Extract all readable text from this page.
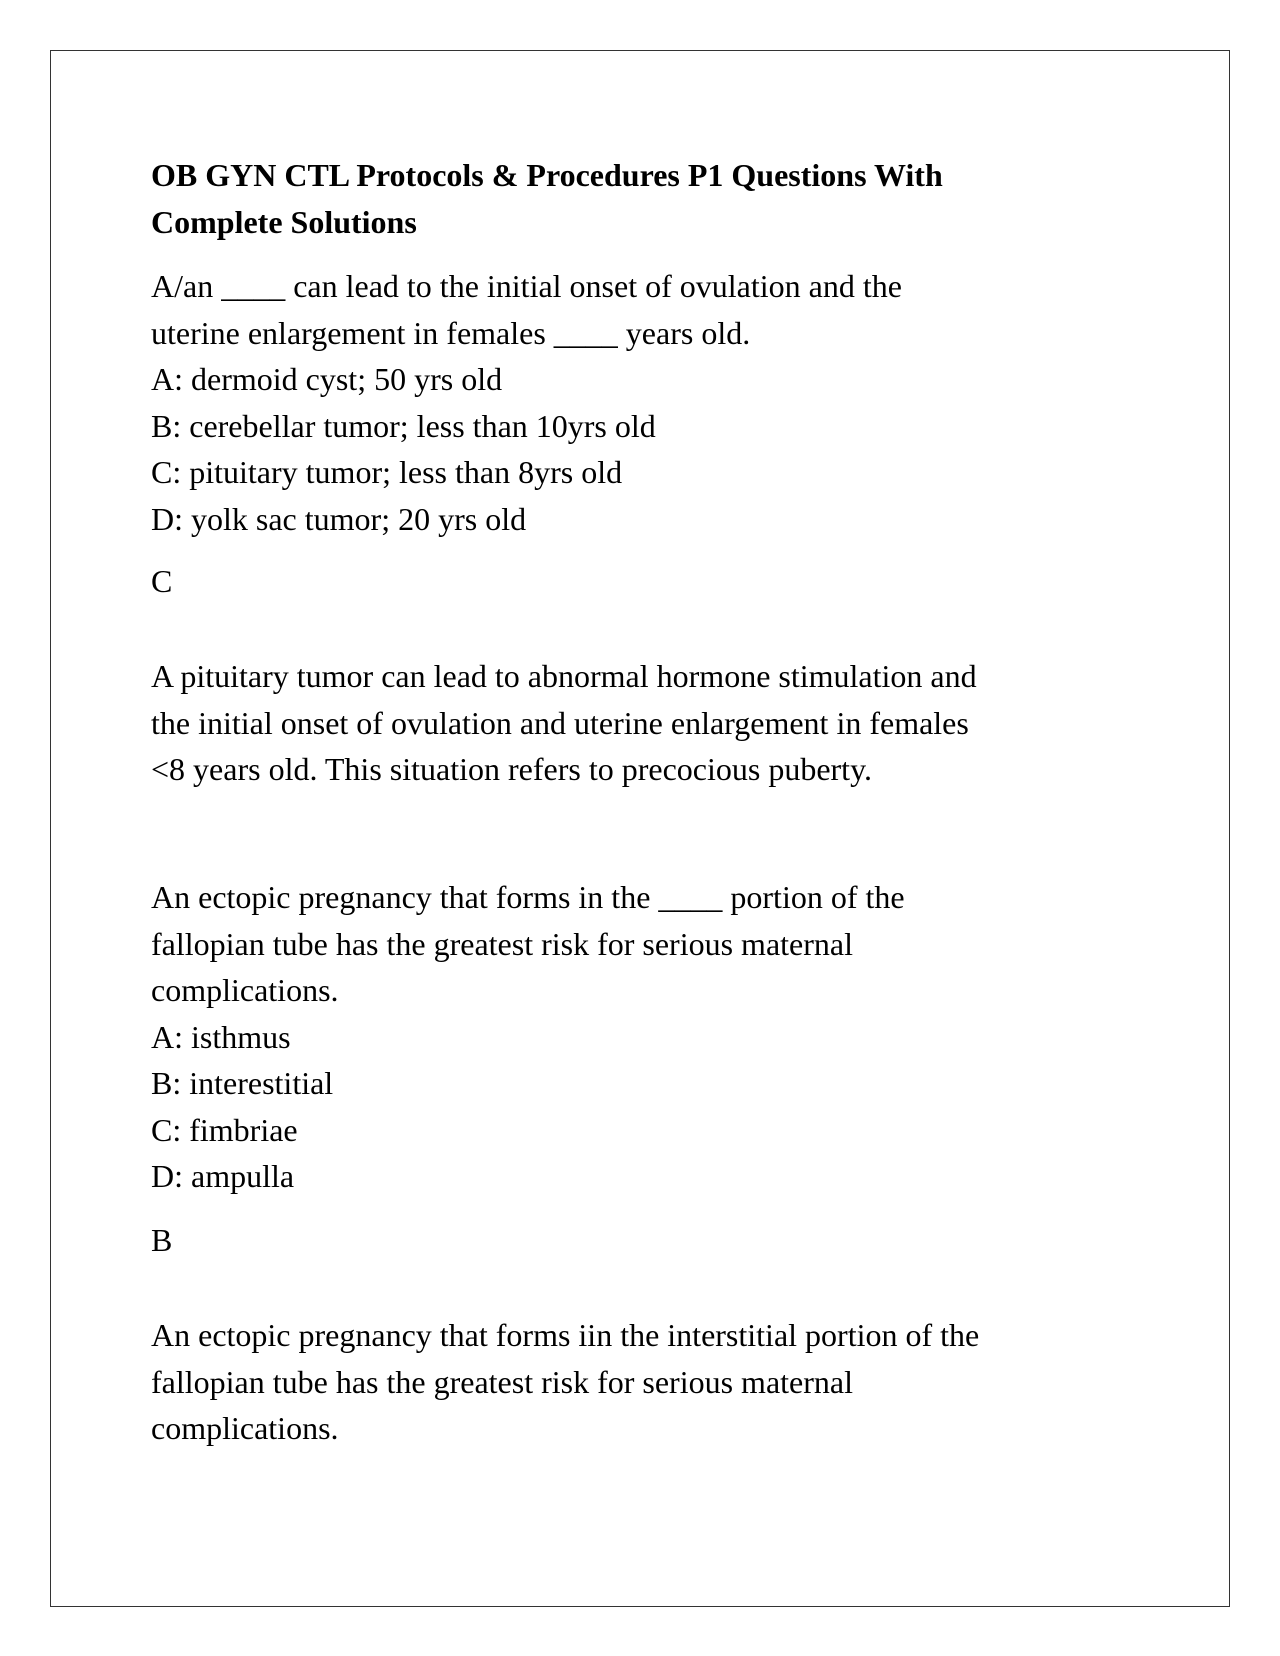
OB GYN CTL Protocols & Procedures P1 Questions With
Complete Solutions
A/an ____ can lead to the initial onset of ovulation and the
uterine enlargement in females ____ years old.
A: dermoid cyst; 50 yrs old
B: cerebellar tumor; less than 10yrs old
C: pituitary tumor; less than 8yrs old
D: yolk sac tumor; 20 yrs old
C
A pituitary tumor can lead to abnormal hormone stimulation and
the initial onset of ovulation and uterine enlargement in females
<8 years old. This situation refers to precocious puberty.
An ectopic pregnancy that forms in the ____ portion of the
fallopian tube has the greatest risk for serious maternal
complications.
A: isthmus
B: interestitial
C: fimbriae
D: ampulla
B
An ectopic pregnancy that forms iin the interstitial portion of the
fallopian tube has the greatest risk for serious maternal
complications.
